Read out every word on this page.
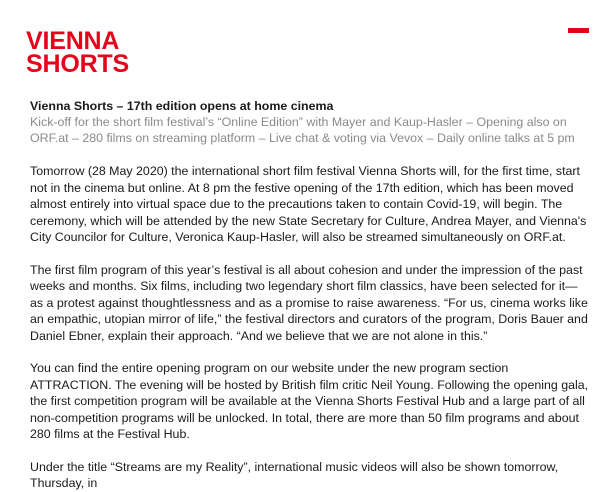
VIENNA
SHORTS

Vienna Shorts – 17th edition opens at home cinema

Kick-off for the short film festival’s “Online Edition” with Mayer and Kaup-Hasler – Opening also on ORF.at – 280 films on streaming platform – Live chat & voting via Vevox – Daily online talks at 5 pm

Tomorrow (28 May 2020) the international short film festival Vienna Shorts will, for the first time, start not in the cinema but online. At 8 pm the festive opening of the 17th edition, which has been moved almost entirely into virtual space due to the precautions taken to contain Covid-19, will begin. The ceremony, which will be attended by the new State Secretary for Culture, Andrea Mayer, and Vienna's City Councilor for Culture, Veronica Kaup-Hasler, will also be streamed simultaneously on ORF.at.

The first film program of this year’s festival is all about cohesion and under the impression of the past weeks and months. Six films, including two legendary short film classics, have been selected for it—as a protest against thoughtlessness and as a promise to raise awareness. “For us, cinema works like an empathic, utopian mirror of life,” the festival directors and curators of the program, Doris Bauer and Daniel Ebner, explain their approach. “And we believe that we are not alone in this.”

You can find the entire opening program on our website under the new program section ATTRACTION. The evening will be hosted by British film critic Neil Young. Following the opening gala, the first competition program will be available at the Vienna Shorts Festival Hub and a large part of all non-competition programs will be unlocked. In total, there are more than 50 film programs and about 280 films at the Festival Hub.

Under the title “Streams are my Reality”, international music videos will also be shown tomorrow, Thursday, in
